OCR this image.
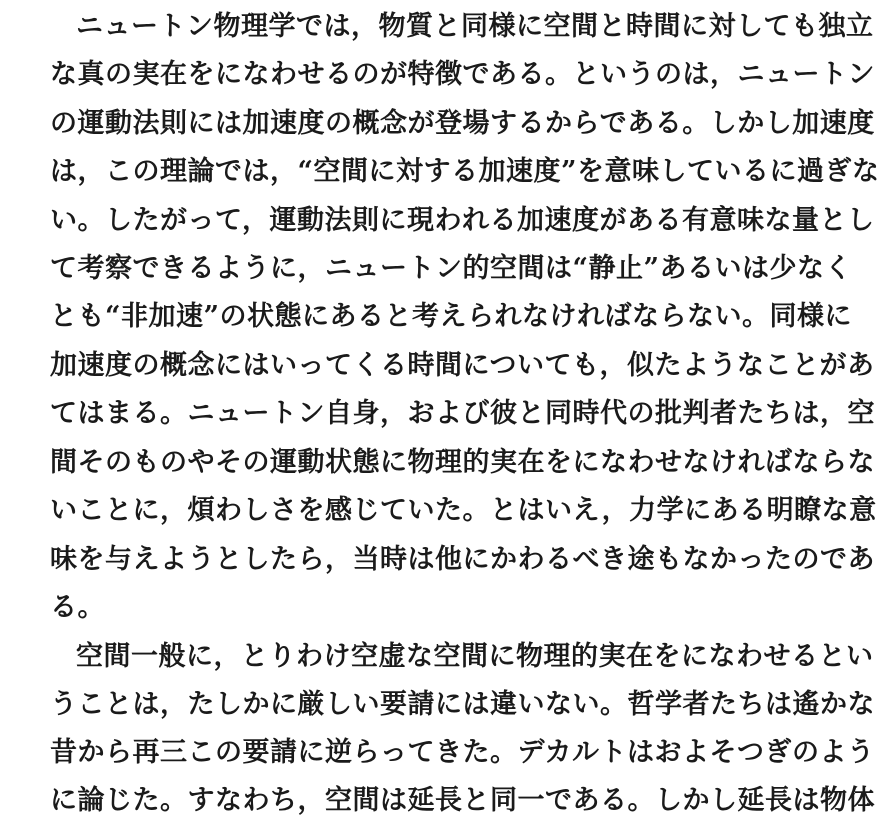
ニュートン物理学では，物質と同様に空間と時間に対しても独立
な真の実在をになわせるのが特徴である。というのは，ニュートン
の運動法則には加速度の概念が登場するからである。しかし加速度
は，この理論では，“空間に対する加速度”を意味しているに過ぎな
い。したがって，運動法則に現われる加速度がある有意味な量とし
て考察できるように，ニュートン的空間は“静止”あるいは少なく
とも“非加速”の状態にあると考えられなければならない。同様に
加速度の概念にはいってくる時間についても，似たようなことがあ
てはまる。ニュートン自身，および彼と同時代の批判者たちは，空
間そのものやその運動状態に物理的実在をになわせなければならな
いことに，煩わしさを感じていた。とはいえ，力学にある明瞭な意
味を与えようとしたら，当時は他にかわるべき途もなかったのであ
る。
空間一般に，とりわけ空虚な空間に物理的実在をになわせるとい
うことは，たしかに厳しい要請には違いない。哲学者たちは遙かな
昔から再三この要請に逆らってきた。デカルトはおよそつぎのよう
に論じた。すなわち，空間は延長と同一である。しかし延長は物体
